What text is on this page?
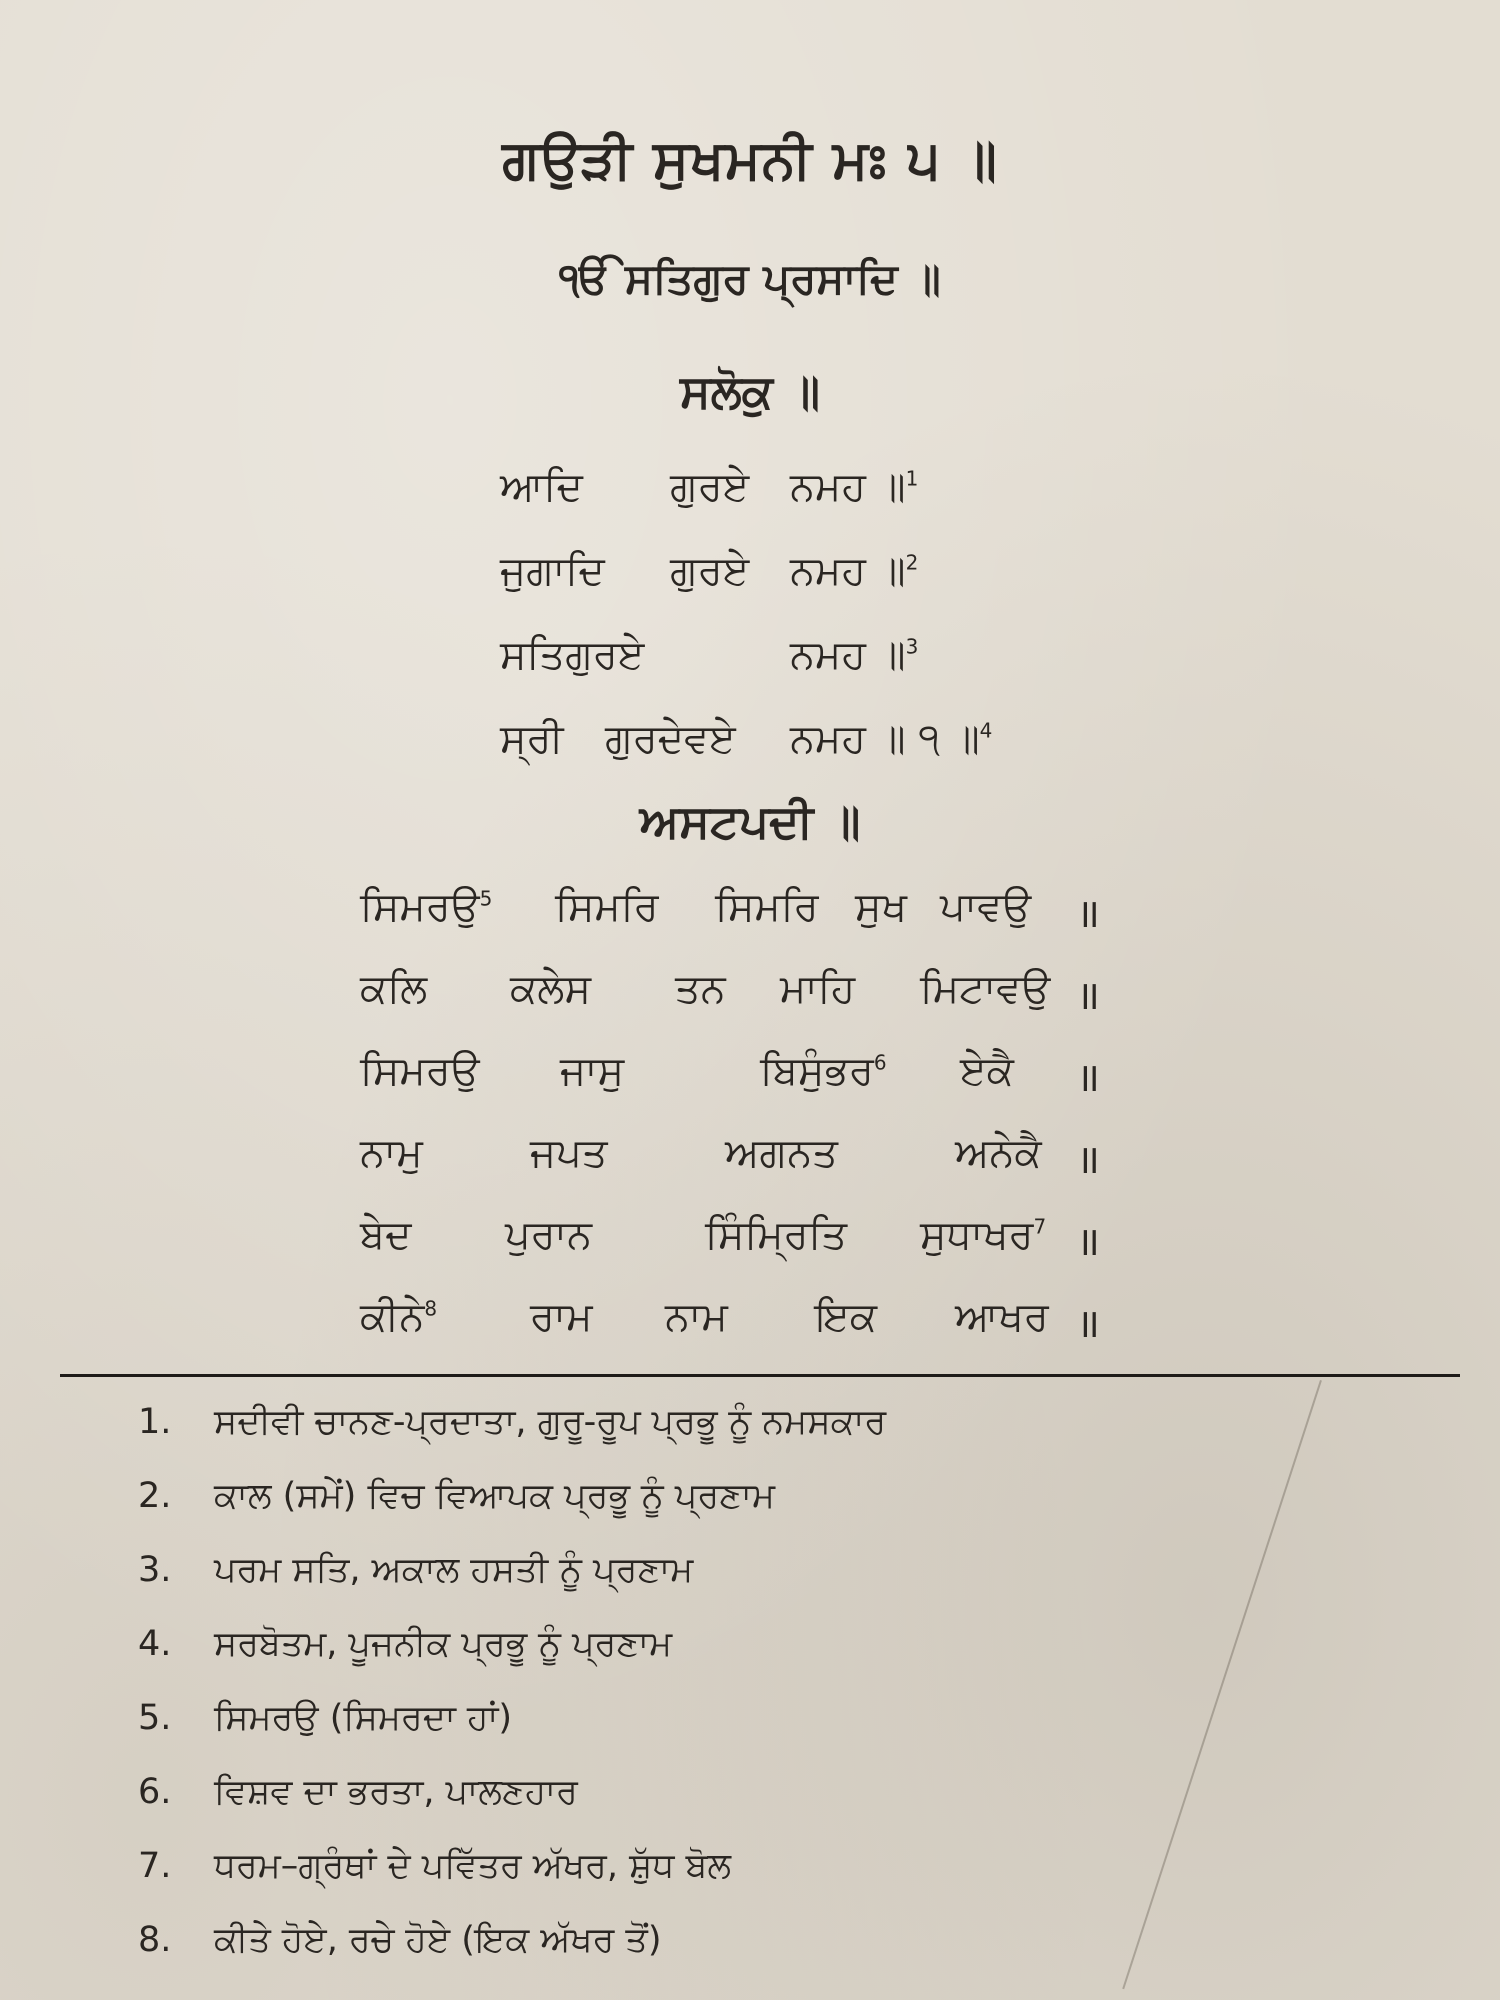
ਗਉੜੀ ਸੁਖਮਨੀ ਮਃ ੫ ॥
ੴ ਸਤਿਗੁਰ ਪ੍ਰਸਾਦਿ ॥
ਸਲੋਕੁ ॥
ਆਦਿ ਗੁਰਏ ਨਮਹ ॥$^1$
ਜੁਗਾਦਿ ਗੁਰਏ ਨਮਹ ॥$^2$
ਸਤਿਗੁਰਏ	ਨਮਹ ॥$^3$
ਸ੍ਰੀ ਗੁਰਦੇਵਏ ਨਮਹ ॥ ੧ ॥$^4$
ਅਸਟਪਦੀ ॥
ਸਿਮਰਉ$^5$ ਸਿਮਰਿ ਸਿਮਰਿ ਸੁਖ ਪਾਵਉ ॥
ਕਲਿ ਕਲੇਸ ਤਨ ਮਾਹਿ ਮਿਟਾਵਉ ॥
ਸਿਮਰਉ ਜਾਸੁ	ਬਿਸੁੰਭਰ$^6$ ਏਕੈ ॥
ਨਾਮੁ	ਜਪਤ	ਅਗਨਤ	ਅਨੇਕੈ ॥
ਬੇਦ ਪੁਰਾਨ	ਸਿੰਮ੍ਰਿਤਿ ਸੁਧਾਖਰ$^7$ ॥
ਕੀਨੇ$^8$ ਰਾਮ ਨਾਮ ਇਕ ਆਖਰ ॥
1. ਸਦੀਵੀ ਚਾਨਣ-ਪ੍ਰਦਾਤਾ, ਗੁਰੂ-ਰੂਪ ਪ੍ਰਭੂ ਨੂੰ ਨਮਸਕਾਰ
2. ਕਾਲ (ਸਮੇਂ) ਵਿਚ ਵਿਆਪਕ ਪ੍ਰਭੂ ਨੂੰ ਪ੍ਰਣਾਮ
3. ਪਰਮ ਸਤਿ, ਅਕਾਲ ਹਸਤੀ ਨੂੰ ਪ੍ਰਣਾਮ
4. ਸਰਬੋਤਮ, ਪੂਜਨੀਕ ਪ੍ਰਭੂ ਨੂੰ ਪ੍ਰਣਾਮ
5. ਸਿਮਰਉ (ਸਿਮਰਦਾ ਹਾਂ)
6. ਵਿਸ਼ਵ ਦਾ ਭਰਤਾ, ਪਾਲਣਹਾਰ
7. ਧਰਮ–ਗ੍ਰੰਥਾਂ ਦੇ ਪਵਿੱਤਰ ਅੱਖਰ, ਸ਼ੁੱਧ ਬੋਲ
8. ਕੀਤੇ ਹੋਏ, ਰਚੇ ਹੋਏ (ਇਕ ਅੱਖਰ ਤੋਂ)
